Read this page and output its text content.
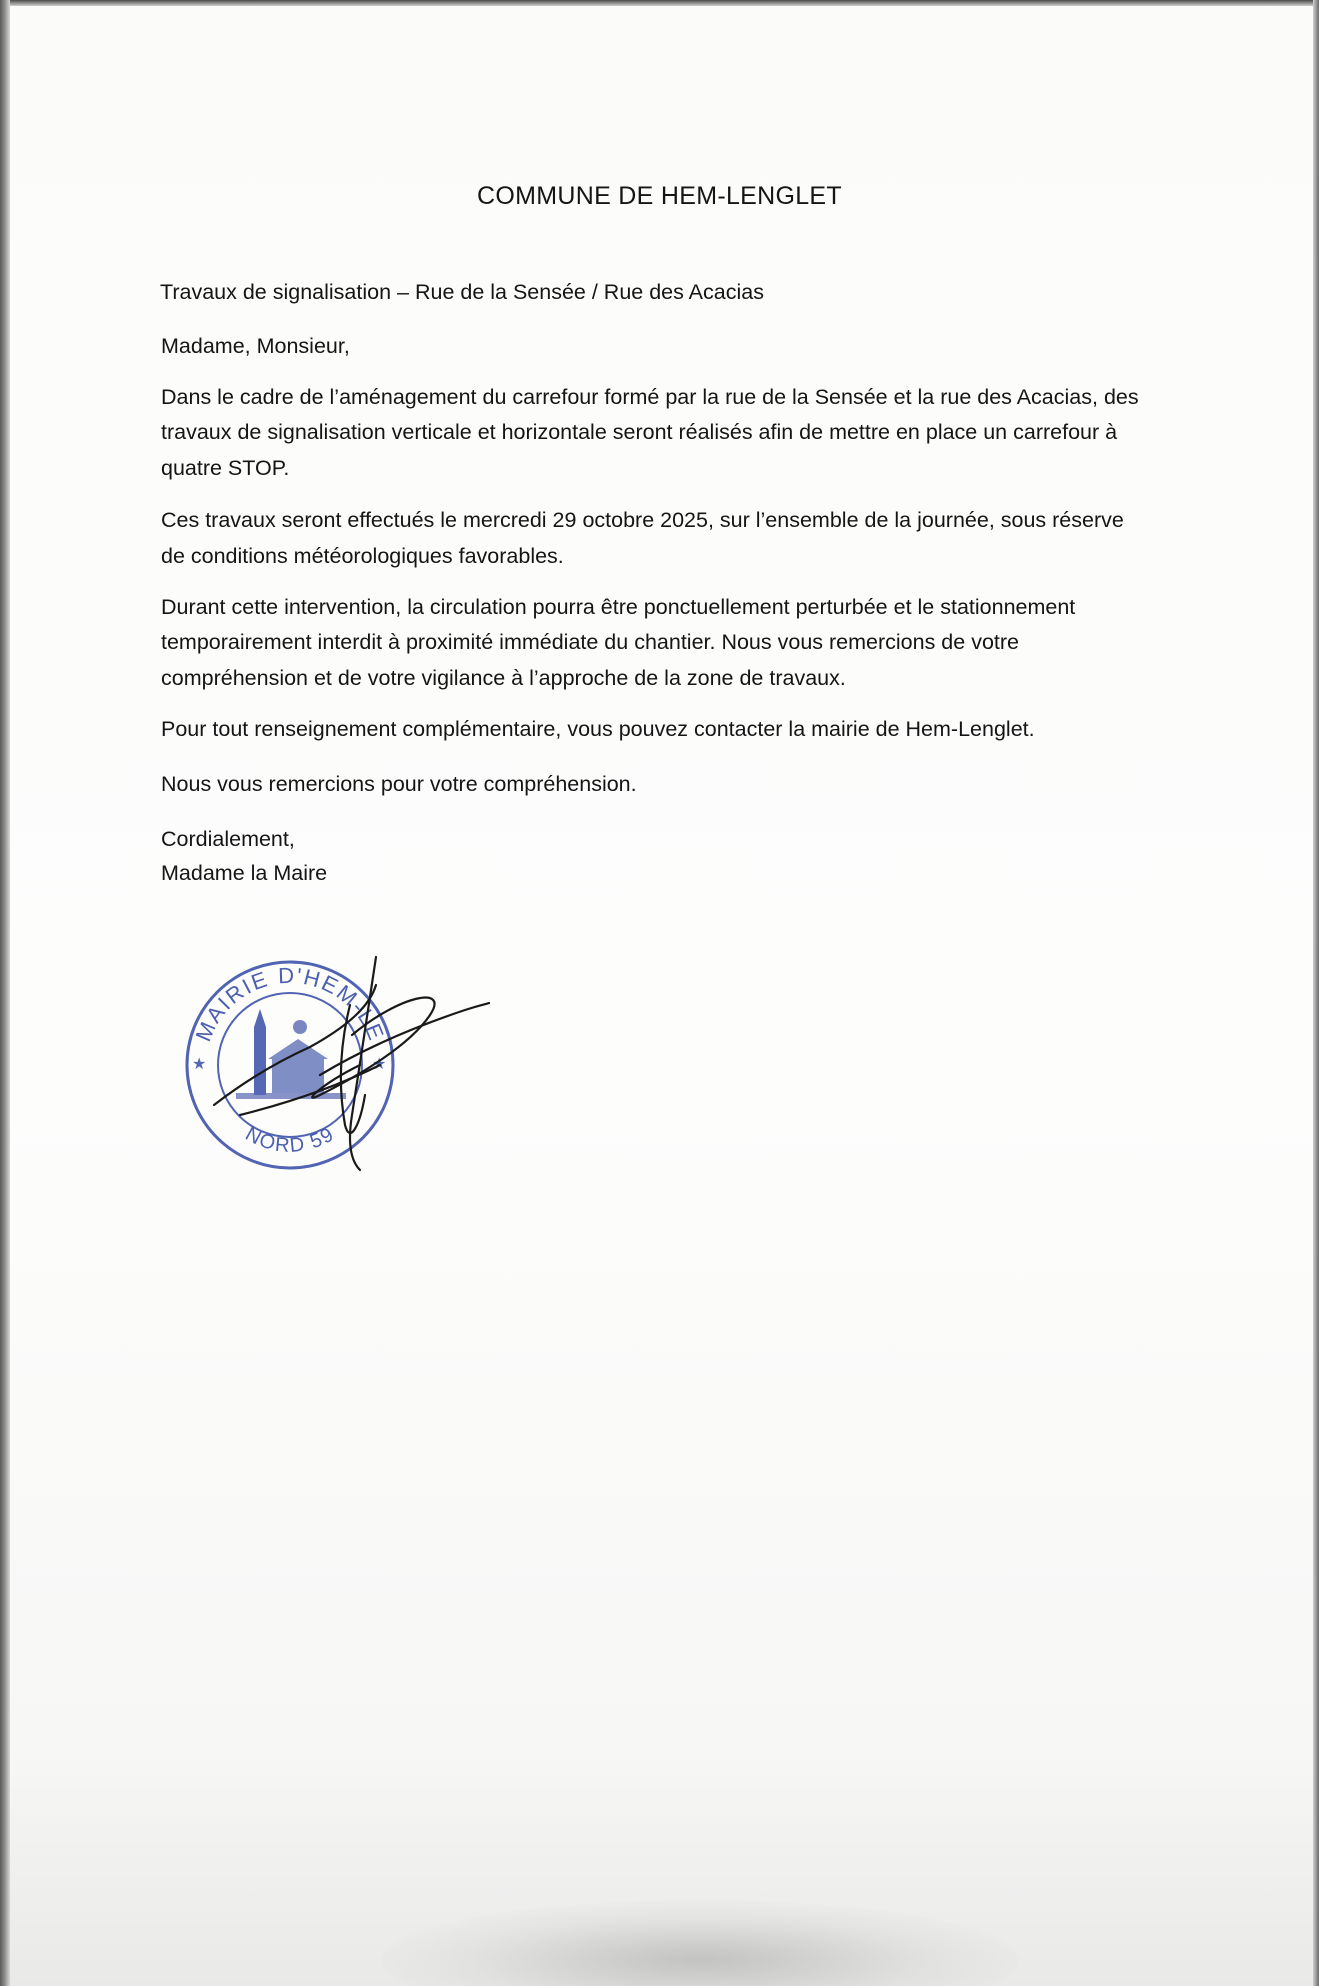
COMMUNE DE HEM-LENGLET
Travaux de signalisation – Rue de la Sensée / Rue des Acacias
Madame, Monsieur,
Dans le cadre de l’aménagement du carrefour formé par la rue de la Sensée et la rue des Acacias, des
travaux de signalisation verticale et horizontale seront réalisés afin de mettre en place un carrefour à
quatre STOP.
Ces travaux seront effectués le mercredi 29 octobre 2025, sur l’ensemble de la journée, sous réserve
de conditions météorologiques favorables.
Durant cette intervention, la circulation pourra être ponctuellement perturbée et le stationnement
temporairement interdit à proximité immédiate du chantier. Nous vous remercions de votre
compréhension et de votre vigilance à l’approche de la zone de travaux.
Pour tout renseignement complémentaire, vous pouvez contacter la mairie de Hem-Lenglet.
Nous vous remercions pour votre compréhension.
Cordialement,
Madame la Maire
MAIRIE D'HEM-LE
NORD 59
★	★
